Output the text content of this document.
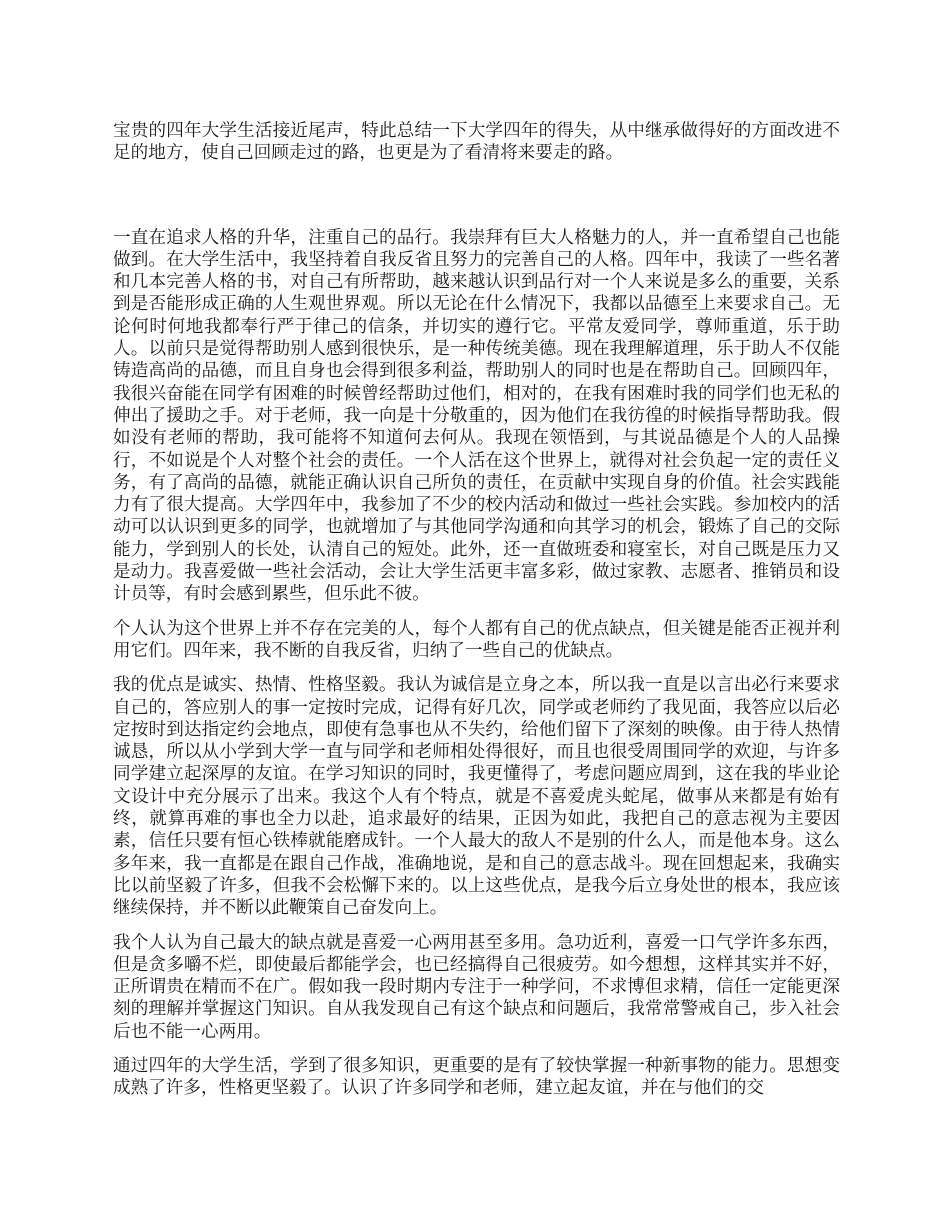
宝贵的四年大学生活接近尾声，特此总结一下大学四年的得失，从中继承做得好的方面改进不足的地方，使自己回顾走过的路，也更是为了看清将来要走的路。

一直在追求人格的升华，注重自己的品行。我崇拜有巨大人格魅力的人，并一直希望自己也能做到。在大学生活中，我坚持着自我反省且努力的完善自己的人格。四年中，我读了一些名著和几本完善人格的书，对自己有所帮助，越来越认识到品行对一个人来说是多么的重要，关系到是否能形成正确的人生观世界观。所以无论在什么情况下，我都以品德至上来要求自己。无论何时何地我都奉行严于律己的信条，并切实的遵行它。平常友爱同学，尊师重道，乐于助人。以前只是觉得帮助别人感到很快乐，是一种传统美德。现在我理解道理，乐于助人不仅能铸造高尚的品德，而且自身也会得到很多利益，帮助别人的同时也是在帮助自己。回顾四年，我很兴奋能在同学有困难的时候曾经帮助过他们，相对的，在我有困难时我的同学们也无私的伸出了援助之手。对于老师，我一向是十分敬重的，因为他们在我彷徨的时候指导帮助我。假如没有老师的帮助，我可能将不知道何去何从。我现在领悟到，与其说品德是个人的人品操行，不如说是个人对整个社会的责任。一个人活在这个世界上，就得对社会负起一定的责任义务，有了高尚的品德，就能正确认识自己所负的责任，在贡献中实现自身的价值。社会实践能力有了很大提高。大学四年中，我参加了不少的校内活动和做过一些社会实践。参加校内的活动可以认识到更多的同学，也就增加了与其他同学沟通和向其学习的机会，锻炼了自己的交际能力，学到别人的长处，认清自己的短处。此外，还一直做班委和寝室长，对自己既是压力又是动力。我喜爱做一些社会活动，会让大学生活更丰富多彩，做过家教、志愿者、推销员和设计员等，有时会感到累些，但乐此不彼。

个人认为这个世界上并不存在完美的人，每个人都有自己的优点缺点，但关键是能否正视并利用它们。四年来，我不断的自我反省，归纳了一些自己的优缺点。

我的优点是诚实、热情、性格坚毅。我认为诚信是立身之本，所以我一直是以言出必行来要求自己的，答应别人的事一定按时完成，记得有好几次，同学或老师约了我见面，我答应以后必定按时到达指定约会地点，即使有急事也从不失约，给他们留下了深刻的映像。由于待人热情诚恳，所以从小学到大学一直与同学和老师相处得很好，而且也很受周围同学的欢迎，与许多同学建立起深厚的友谊。在学习知识的同时，我更懂得了，考虑问题应周到，这在我的毕业论文设计中充分展示了出来。我这个人有个特点，就是不喜爱虎头蛇尾，做事从来都是有始有终，就算再难的事也全力以赴，追求最好的结果，正因为如此，我把自己的意志视为主要因素，信任只要有恒心铁棒就能磨成针。一个人最大的敌人不是别的什么人，而是他本身。这么多年来，我一直都是在跟自己作战，准确地说，是和自己的意志战斗。现在回想起来，我确实比以前坚毅了许多，但我不会松懈下来的。以上这些优点，是我今后立身处世的根本，我应该继续保持，并不断以此鞭策自己奋发向上。

我个人认为自己最大的缺点就是喜爱一心两用甚至多用。急功近利，喜爱一口气学许多东西，但是贪多嚼不烂，即使最后都能学会，也已经搞得自己很疲劳。如今想想，这样其实并不好，正所谓贵在精而不在广。假如我一段时期内专注于一种学问，不求博但求精，信任一定能更深刻的理解并掌握这门知识。自从我发现自己有这个缺点和问题后，我常常警戒自己，步入社会后也不能一心两用。

通过四年的大学生活，学到了很多知识，更重要的是有了较快掌握一种新事物的能力。思想变成熟了许多，性格更坚毅了。认识了许多同学和老师，建立起友谊，并在与他们的交
